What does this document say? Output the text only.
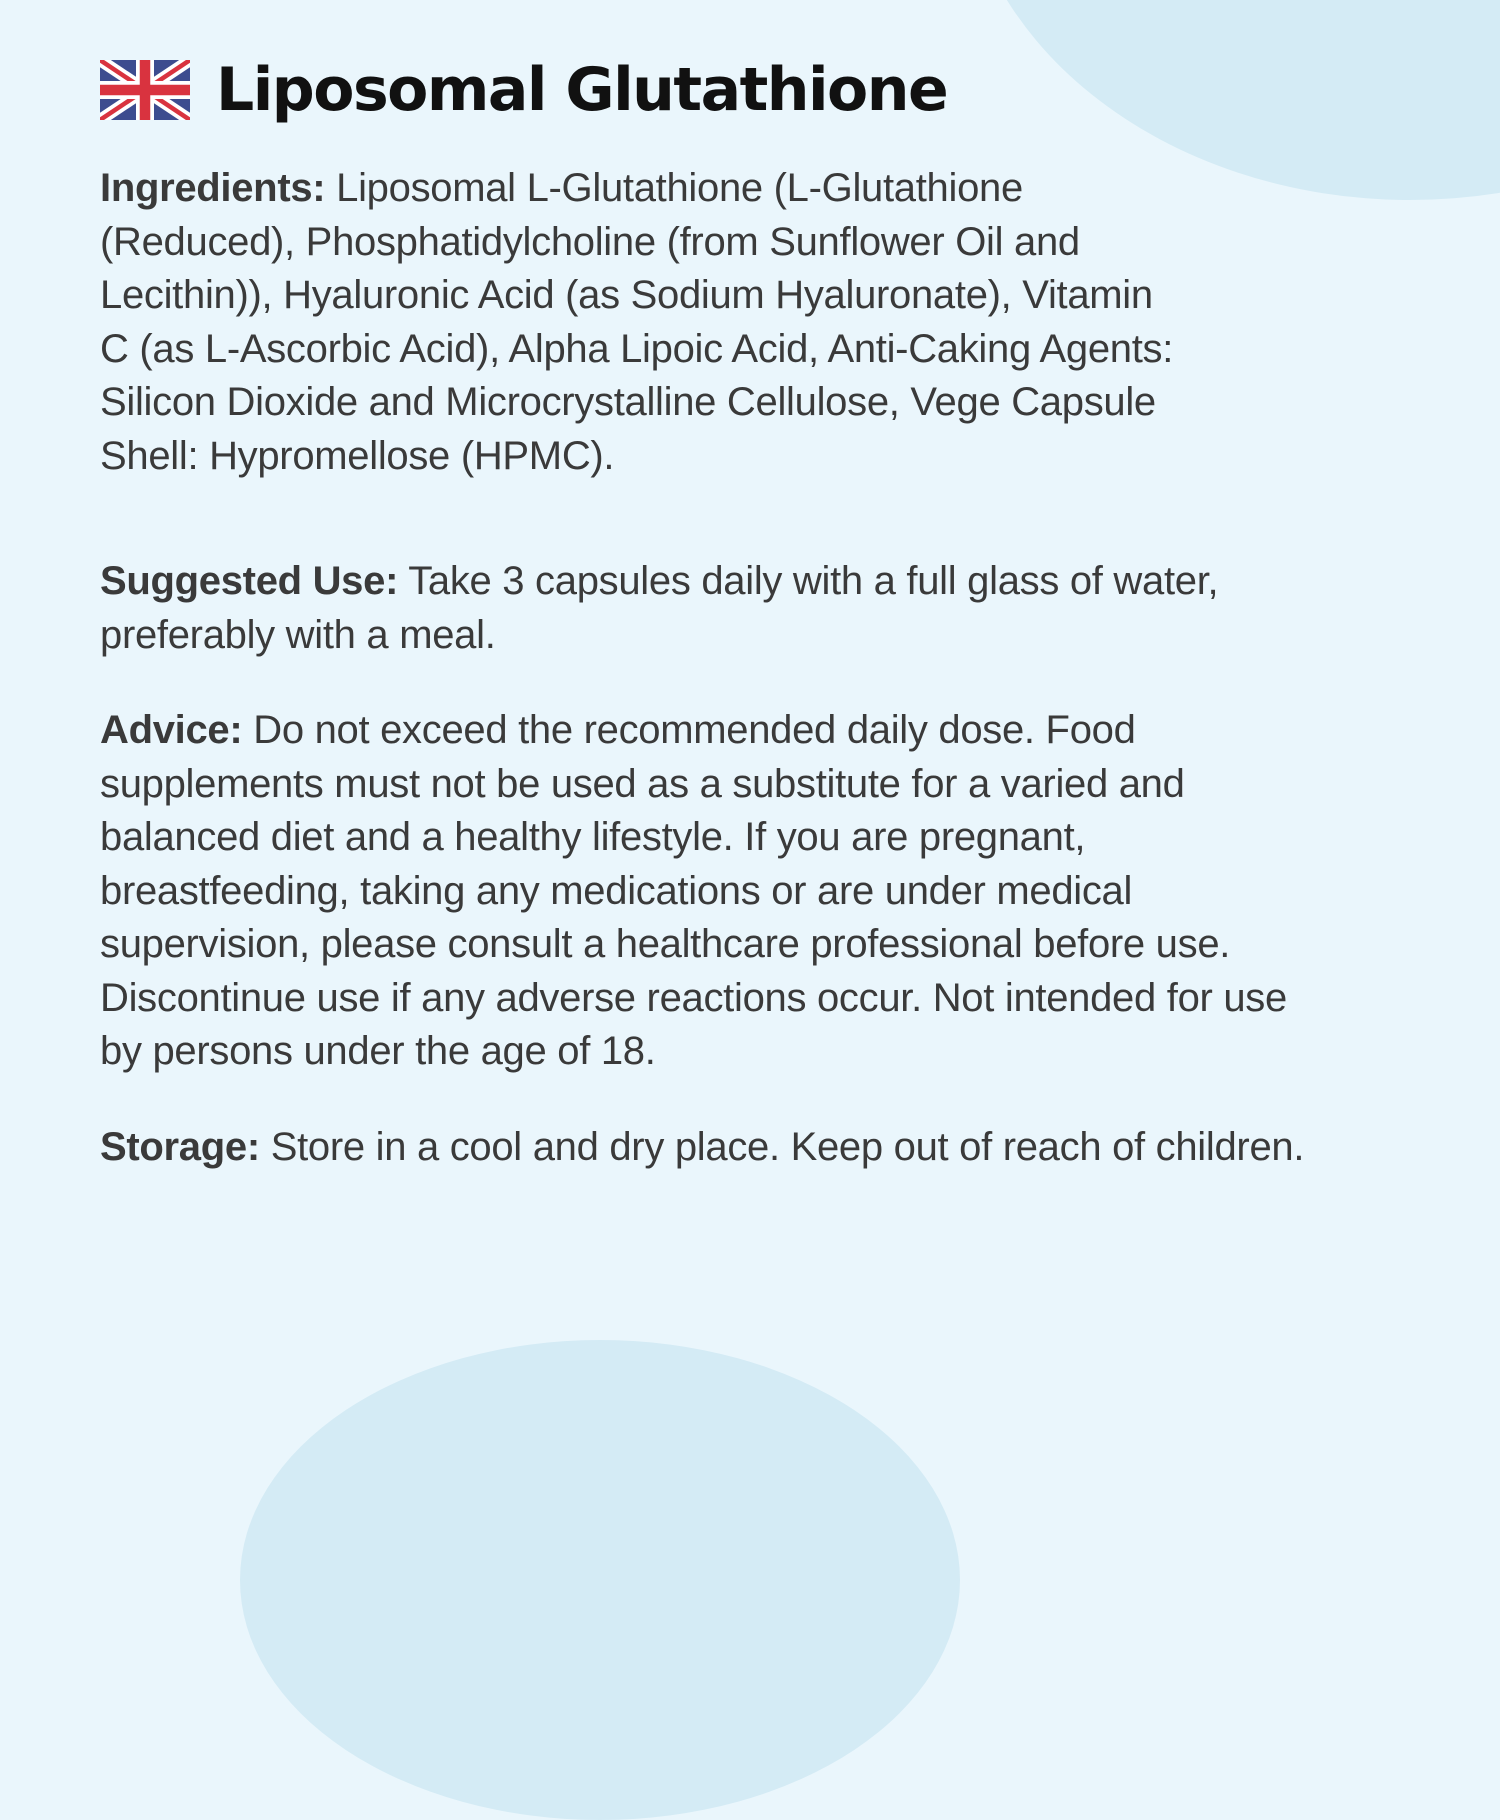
Liposomal Glutathione

Ingredients: Liposomal L-Glutathione (L-Glutathione (Reduced), Phosphatidylcholine (from Sunflower Oil and Lecithin)), Hyaluronic Acid (as Sodium Hyaluronate), Vitamin C (as L-Ascorbic Acid), Alpha Lipoic Acid, Anti-Caking Agents: Silicon Dioxide and Microcrystalline Cellulose, Vege Capsule Shell: Hypromellose (HPMC).

Suggested Use: Take 3 capsules daily with a full glass of water, preferably with a meal.

Advice: Do not exceed the recommended daily dose. Food supplements must not be used as a substitute for a varied and balanced diet and a healthy lifestyle. If you are pregnant, breastfeeding, taking any medications or are under medical supervision, please consult a healthcare professional before use. Discontinue use if any adverse reactions occur. Not intended for use by persons under the age of 18.

Storage: Store in a cool and dry place. Keep out of reach of children.
